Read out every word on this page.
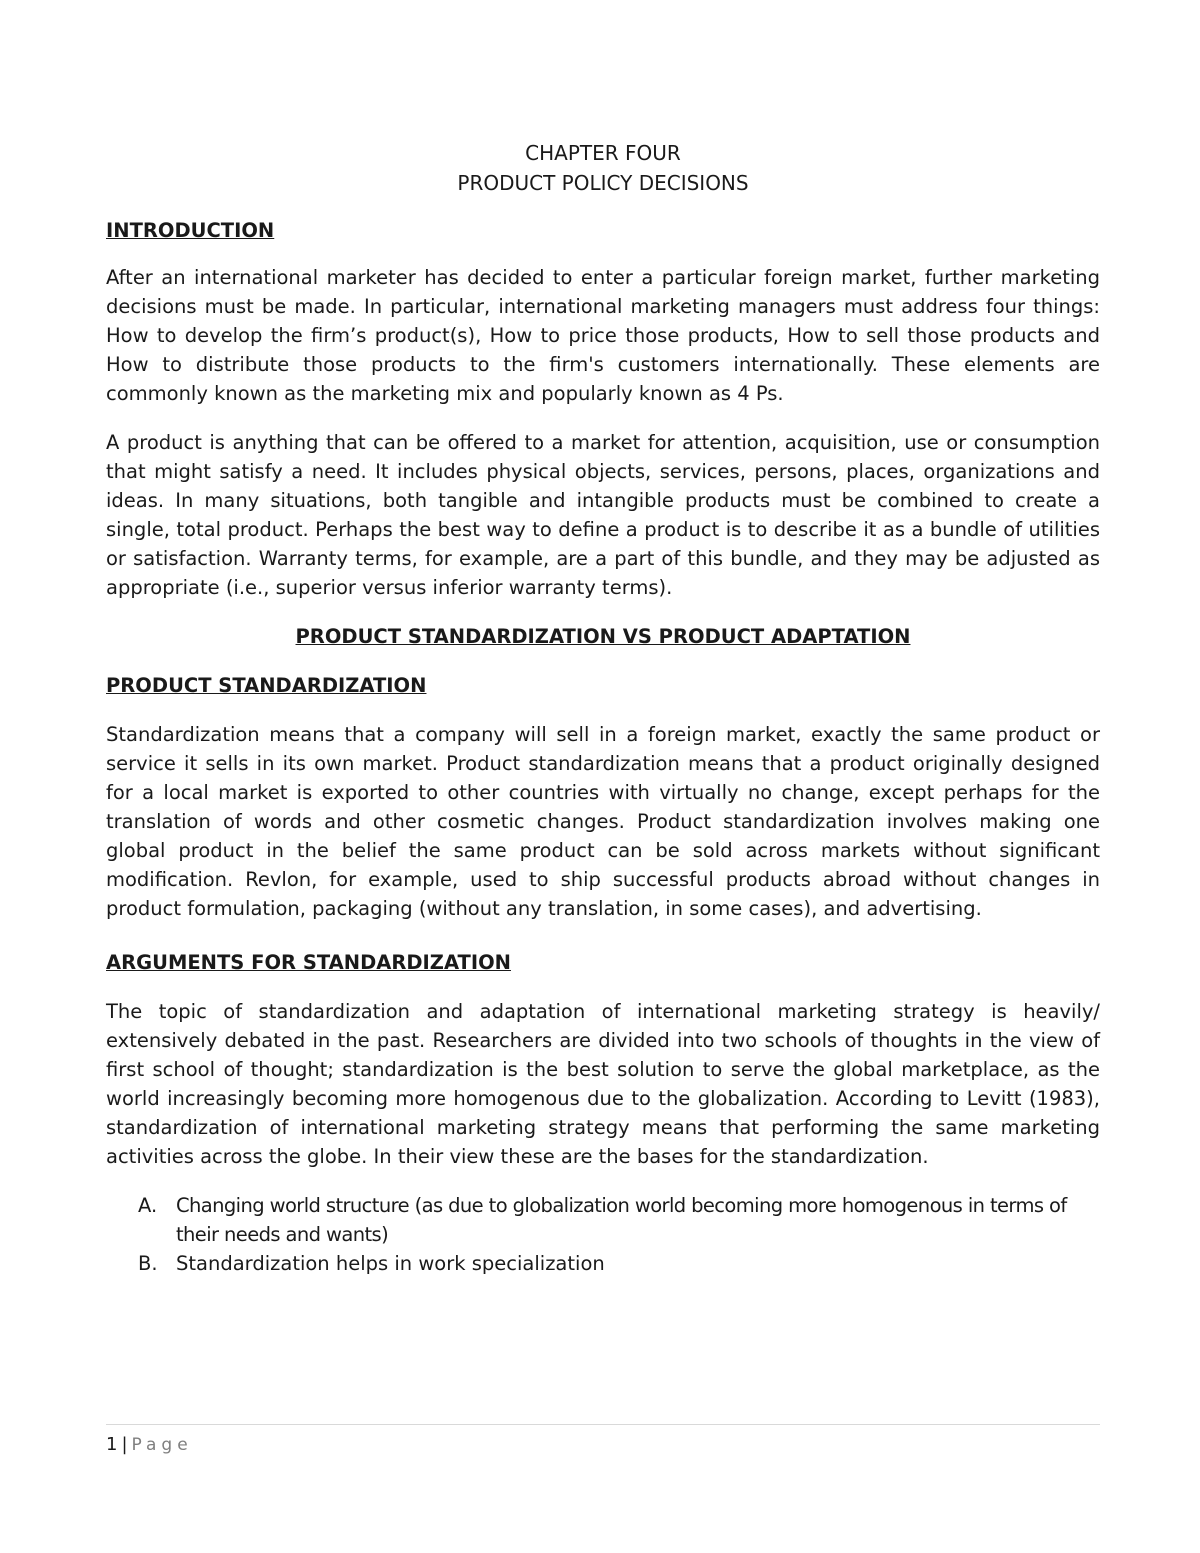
CHAPTER FOUR
PRODUCT POLICY DECISIONS
INTRODUCTION

After an international marketer has decided to enter a particular foreign market, further marketing decisions must be made. In particular, international marketing managers must address four things: How to develop the firm’s product(s), How to price those products, How to sell those products and How to distribute those products to the firm's customers internationally. These elements are commonly known as the marketing mix and popularly known as 4 Ps.

A product is anything that can be offered to a market for attention, acquisition, use or consumption that might satisfy a need. It includes physical objects, services, persons, places, organizations and ideas. In many situations, both tangible and intangible products must be combined to create a single, total product. Perhaps the best way to define a product is to describe it as a bundle of utilities or satisfaction. Warranty terms, for example, are a part of this bundle, and they may be adjusted as appropriate (i.e., superior versus inferior warranty terms).

PRODUCT STANDARDIZATION VS PRODUCT ADAPTATION
PRODUCT STANDARDIZATION

Standardization means that a company will sell in a foreign market, exactly the same product or service it sells in its own market. Product standardization means that a product originally designed for a local market is exported to other countries with virtually no change, except perhaps for the translation of words and other cosmetic changes. Product standardization involves making one global product in the belief the same product can be sold across markets without significant modification. Revlon, for example, used to ship successful products abroad without changes in product formulation, packaging (without any translation, in some cases), and advertising.

ARGUMENTS FOR STANDARDIZATION

The topic of standardization and adaptation of international marketing strategy is heavily/ extensively debated in the past. Researchers are divided into two schools of thoughts in the view of first school of thought; standardization is the best solution to serve the global marketplace, as the world increasingly becoming more homogenous due to the globalization. According to Levitt (1983), standardization of international marketing strategy means that performing the same marketing activities across the globe. In their view these are the bases for the standardization.

A. Changing world structure (as due to globalization world becoming more homogenous in terms of their needs and wants)
B. Standardization helps in work specialization
1 | Page
